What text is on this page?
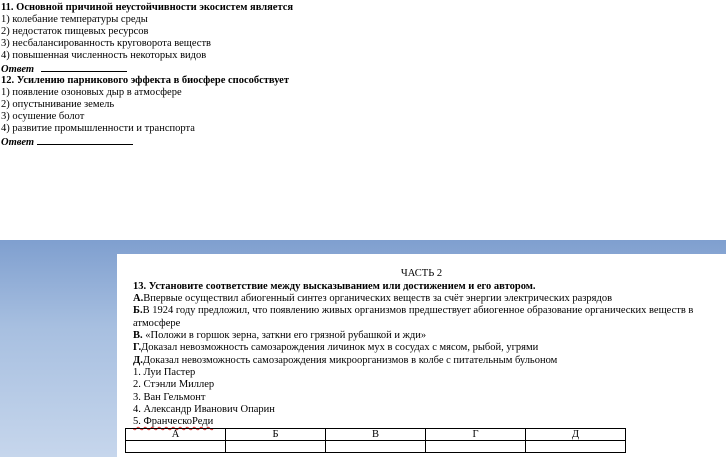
11. Основной причиной неустойчивности экосистем является
1) колебание температуры среды
2) недостаток пищевых ресурсов
3) несбалансированность круговорота веществ
4) повышенная численность некоторых видов
Ответ
12. Усилению парникового эффекта в биосфере способствует
1) появление озоновых дыр в атмосфере
2) опустынивание земель
3) осушение болот
4) развитие промышленности и транспорта
Ответ
ЧАСТЬ 2
13. Установите соответствие между высказыванием или достижением и его автором.
А.Впервые осуществил абиогенный синтез органических веществ за счёт энергии электрических разрядов
Б.В 1924 году предложил, что появлению живых организмов предшествует абиогенное образование органических веществ в
атмосфере
В. «Положи в горшок зерна, заткни его грязной рубашкой и жди»
Г.Доказал невозможность самозарождения личинок мух в сосудах с мясом, рыбой, угрями
Д.Доказал невозможность самозарождения микроорганизмов в колбе с питательным бульоном
1. Луи Пастер
2. Стэнли Миллер
3. Ван Гельмонт
4. Александр Иванович Опарин
5. ФранческоРеди
А	Б	В	Г	Д
